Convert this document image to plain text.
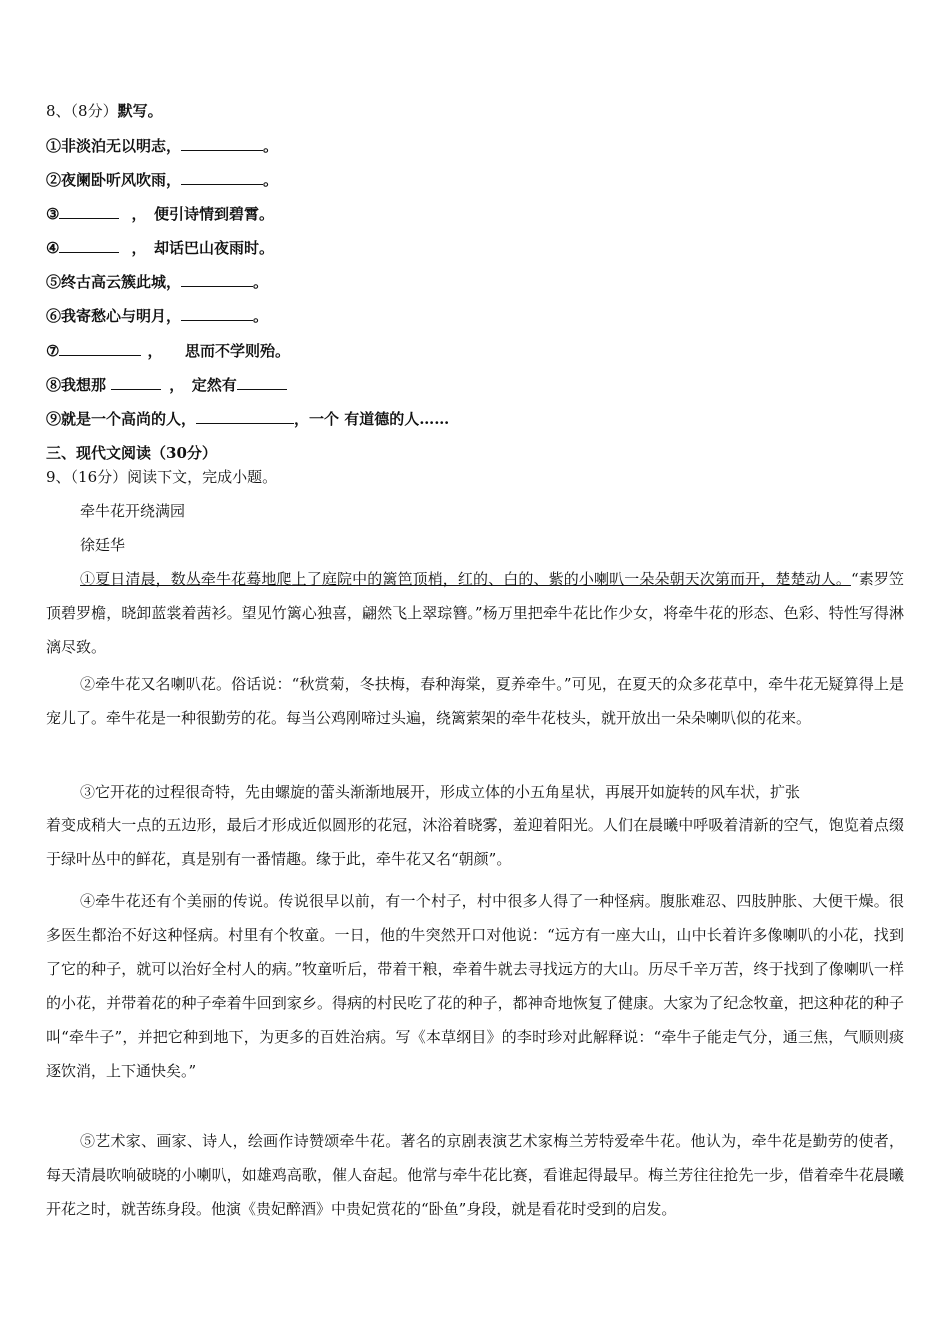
8、（8分）默写。
①非淡泊无以明志，	。
②夜阑卧听风吹雨，	。
③	，　便引诗情到碧霄。
④	，　却话巴山夜雨时。
⑤终古高云簇此城，	。
⑥我寄愁心与明月，	。
⑦	，　　思而不学则殆。
⑧我想那	，　定然有
⑨就是一个高尚的人，	，一个 有道德的人……
三、现代文阅读（30分）
9、（16分）阅读下文，完成小题。
牵牛花开绕满园
徐廷华
①夏日清晨，数丛牵牛花蓦地爬上了庭院中的篱笆顶梢，红的、白的、紫的小喇叭一朵朵朝天次第而开，楚楚动人。“素罗笠顶碧罗檐，晓卸蓝裳着茜衫。望见竹篱心独喜，翩然飞上翠琮簪。”杨万里把牵牛花比作少女，将牵牛花的形态、色彩、特性写得淋漓尽致。
②牵牛花又名喇叭花。俗话说：“秋赏菊，冬扶梅，春种海棠，夏养牵牛。”可见，在夏天的众多花草中，牵牛花无疑算得上是宠儿了。牵牛花是一种很勤劳的花。每当公鸡刚啼过头遍，绕篱萦架的牵牛花枝头，就开放出一朵朵喇叭似的花来。
③它开花的过程很奇特，先由螺旋的蕾头渐渐地展开，形成立体的小五角星状，再展开如旋转的风车状，扩张
着变成稍大一点的五边形，最后才形成近似圆形的花冠，沐浴着晓雾，羞迎着阳光。人们在晨曦中呼吸着清新的空气，饱览着点缀于绿叶丛中的鲜花，真是别有一番情趣。缘于此，牵牛花又名“朝颜”。
④牵牛花还有个美丽的传说。传说很早以前，有一个村子，村中很多人得了一种怪病。腹胀难忍、四肢肿胀、大便干燥。很多医生都治不好这种怪病。村里有个牧童。一日，他的牛突然开口对他说：“远方有一座大山，山中长着许多像喇叭的小花，找到了它的种子，就可以治好全村人的病。”牧童听后，带着干粮，牵着牛就去寻找远方的大山。历尽千辛万苦，终于找到了像喇叭一样的小花，并带着花的种子牵着牛回到家乡。得病的村民吃了花的种子，都神奇地恢复了健康。大家为了纪念牧童，把这种花的种子叫“牵牛子”，并把它种到地下，为更多的百姓治病。写《本草纲目》的李时珍对此解释说：“牵牛子能走气分，通三焦，气顺则痰逐饮消，上下通快矣。”
⑤艺术家、画家、诗人，绘画作诗赞颂牵牛花。著名的京剧表演艺术家梅兰芳特爱牵牛花。他认为，牵牛花是勤劳的使者，每天清晨吹响破晓的小喇叭，如雄鸡高歌，催人奋起。他常与牵牛花比赛，看谁起得最早。梅兰芳往往抢先一步，借着牵牛花晨曦开花之时，就苦练身段。他演《贵妃醉酒》中贵妃赏花的“卧鱼”身段，就是看花时受到的启发。
